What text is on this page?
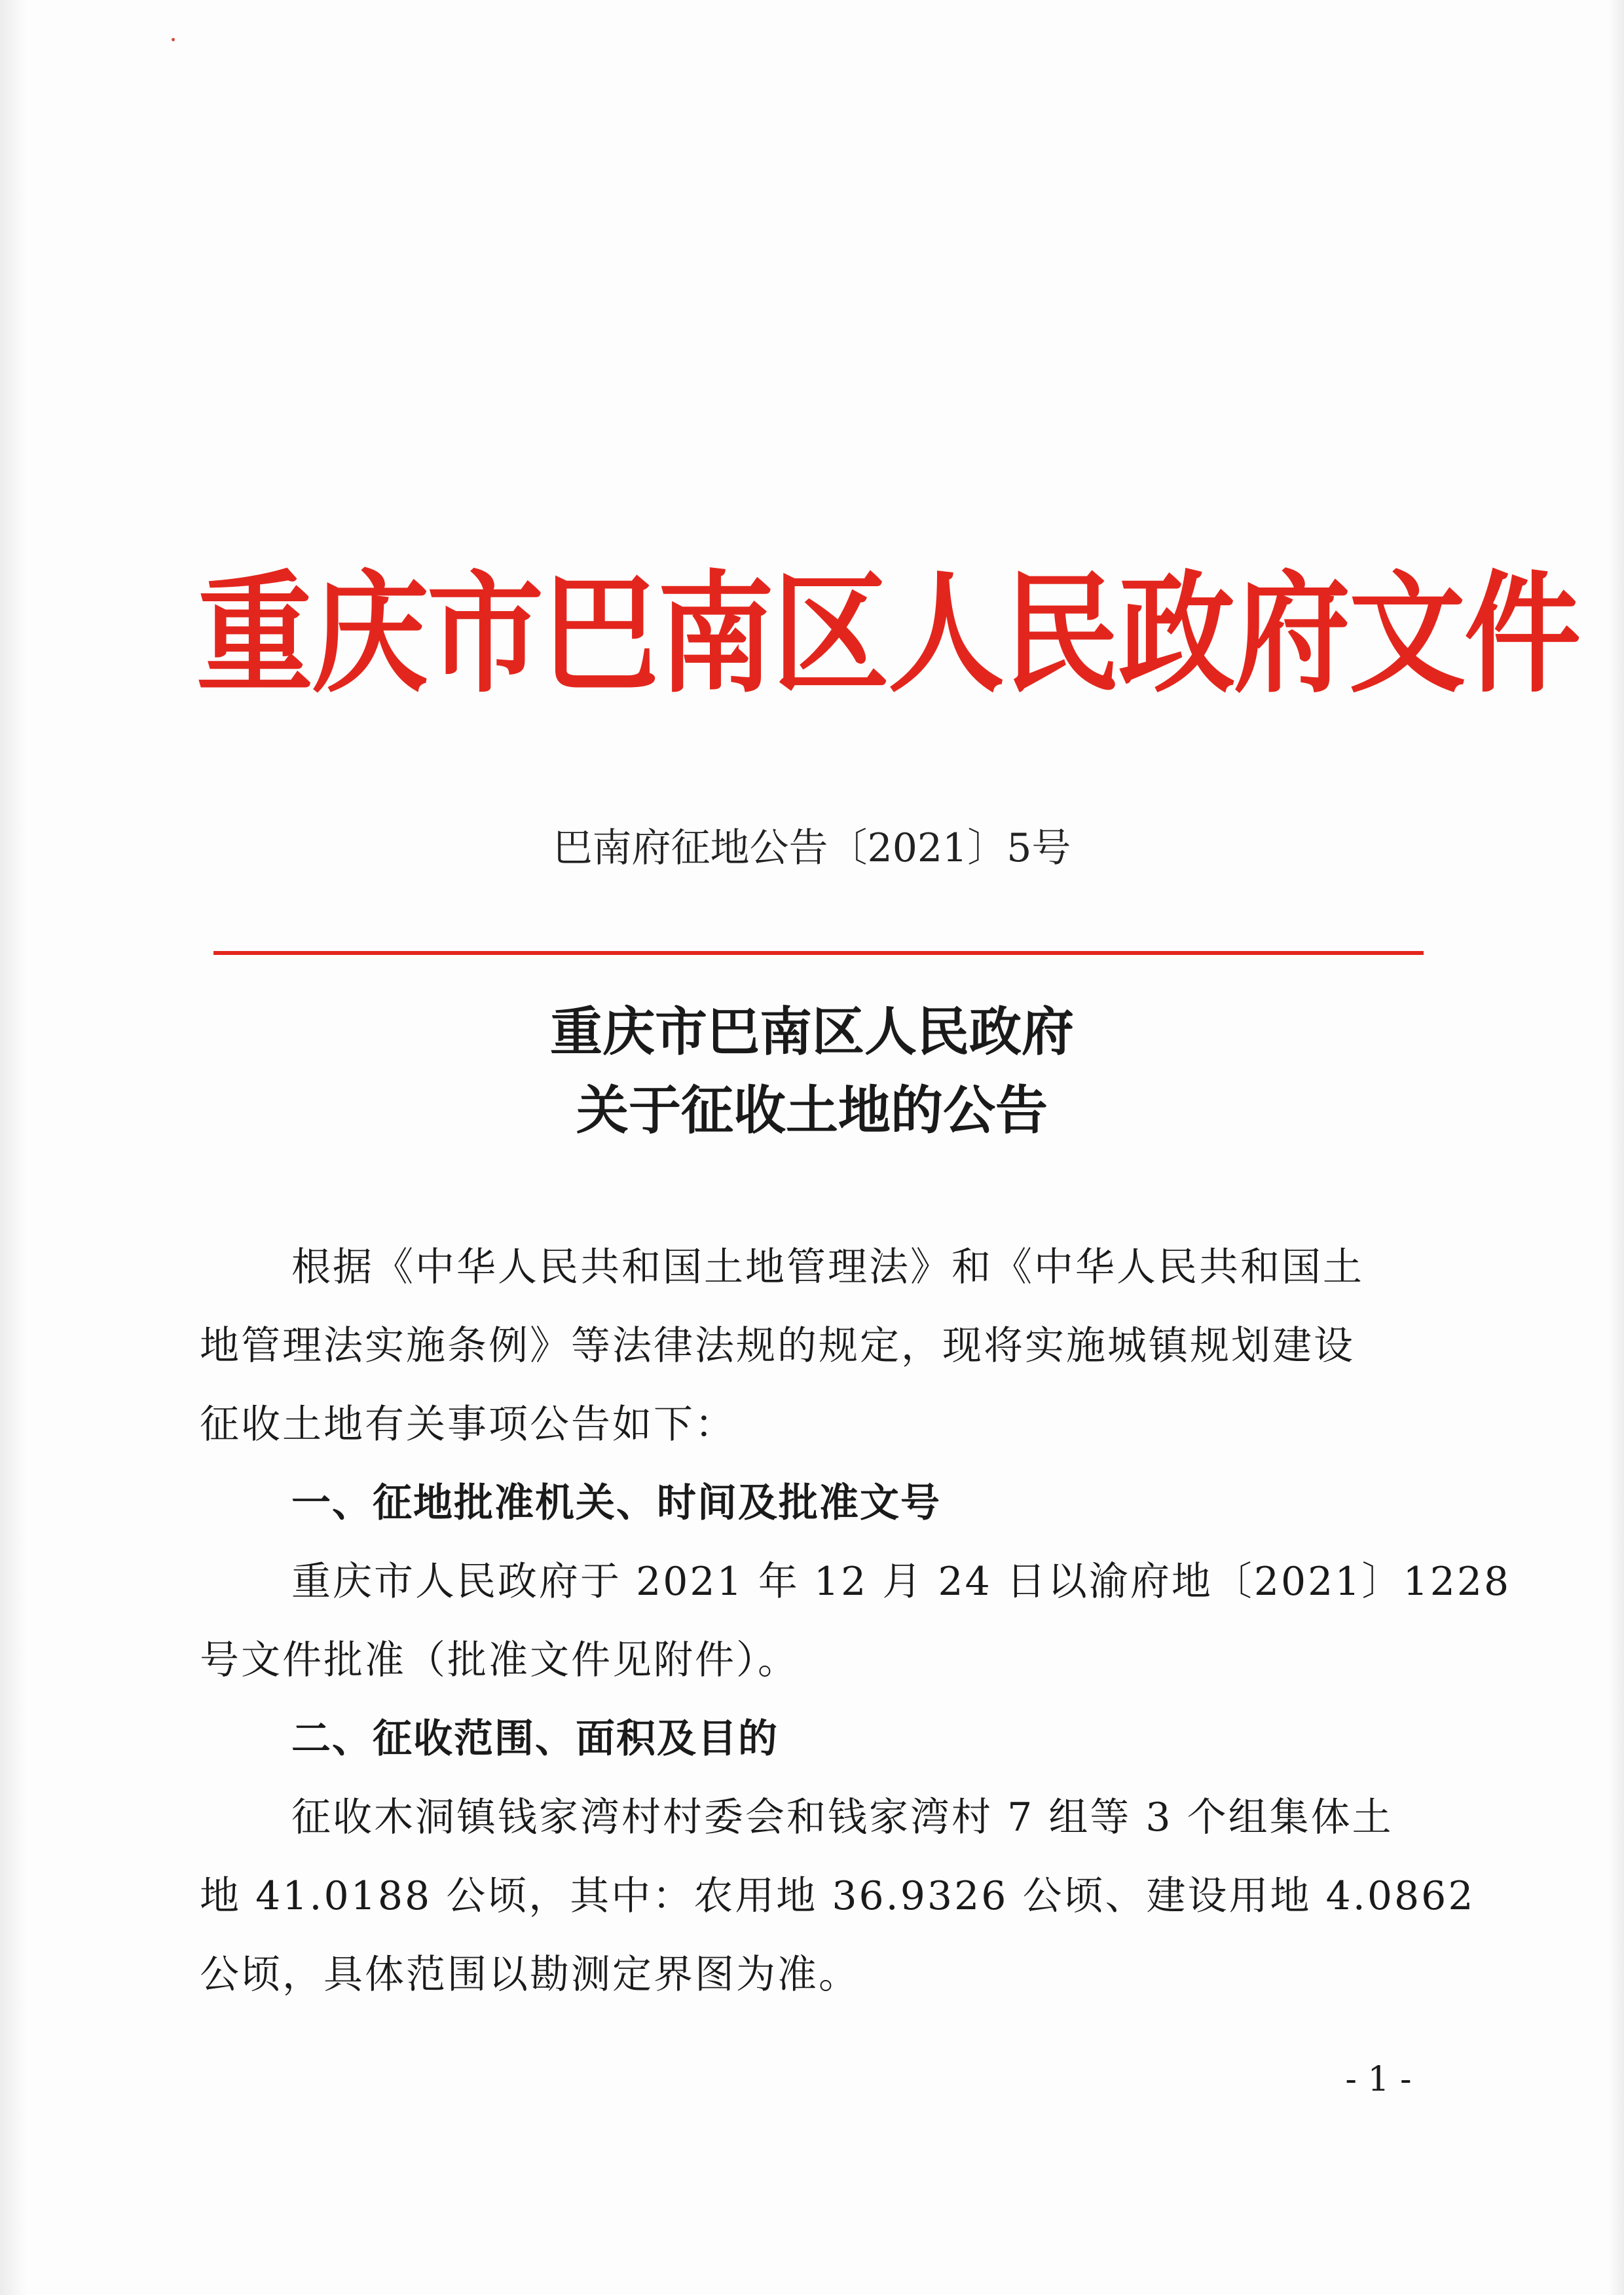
重庆市巴南区人民政府文件
巴南府征地公告〔2021〕5号
重庆市巴南区人民政府
关于征收土地的公告
根据《中华人民共和国土地管理法》和《中华人民共和国土
地管理法实施条例》等法律法规的规定，现将实施城镇规划建设
征收土地有关事项公告如下：
一、征地批准机关、时间及批准文号
重庆市人民政府于 2021 年 12 月 24 日以渝府地〔2021〕1228
号文件批准（批准文件见附件）。
二、征收范围、面积及目的
征收木洞镇钱家湾村村委会和钱家湾村 7 组等 3 个组集体土
地 41.0188 公顷，其中：农用地 36.9326 公顷、建设用地 4.0862
公顷，具体范围以勘测定界图为准。
- 1 -
